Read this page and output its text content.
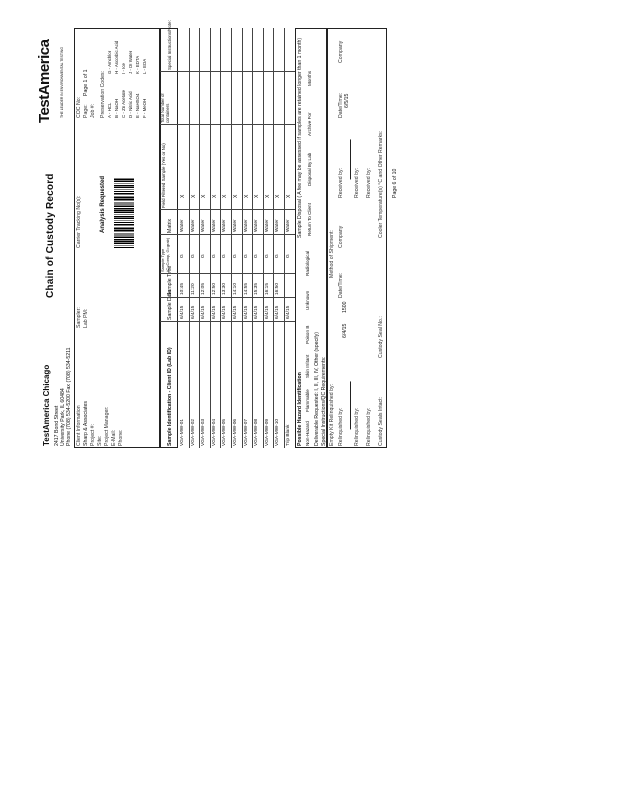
TestAmerica Chicago 2417 Bond Street University Park, IL 60484 Phone (708) 534-5200 Fax (708) 534-5211
Chain of Custody Record
TestAmerica THE LEADER IN ENVIRONMENTAL TESTING
Client Information Sharp & Associates Project #: Site: Project Manager: E-Mail: Phone:
Sampler: Lab PM:
Carrier Tracking No(s):
COC No: Page:
Page 1 of 1
Job #:
Analysis Requested
Preservation Codes: A - HCL B - NaOH C - Zn Acetate D - Nitric Acid E - NaHSO4 F - MeOH
G - Amchlor H - Ascorbic Acid I - Ice J - DI Water K - EDTA L - EDA
Sample Identification - Client ID (Lab ID)
Sample Date
Sample Time
Sample Type (C=Comp, G=grab)
Matrix
Field Filtered Sample (Yes or No)
Total Number of containers
Special Instructions/Note:
VGA-MW-01
6/4/15
10:45
G
Water
X
VGA-MW-02
6/4/15
11:20
G
Water
X
VGA-MW-03
6/4/15
12:05
G
Water
X
VGA-MW-04
6/4/15
12:50
G
Water
X
VGA-MW-05
6/4/15
13:30
G
Water
X
VGA-MW-06
6/4/15
14:10
G
Water
X
VGA-MW-07
6/4/15
14:55
G
Water
X
VGA-MW-08
6/4/15
15:35
G
Water
X
VGA-MW-09
6/4/15
16:15
G
Water
X
VGA-MW-10
6/4/15
16:50
G
Water
X
Trip Blank
6/4/15
G
Water
X
Possible Hazard Identification Non-Hazard
Flammable
Skin Irritant
Poison B
Unknown
Radiological
Deliverable Requested: I, II, III, IV, Other (specify) Special Instructions/QC Requirements:
Sample Disposal ( A fee may be assessed if samples are retained longer than 1 month) Return To Client
Disposal By Lab
Archive For
Months
Empty Kit Relinquished by:
Method of Shipment:
Relinquished by:
6/4/15
1500
Date/Time:
Company
Received by:
Date/Time: 6/5/15
Company
Relinquished by:
Received by:
Relinquished by:
Received by:
Custody Seals Intact:
Custody Seal No.:
Cooler Temperature(s) °C and Other Remarks: Page 6 of 10
